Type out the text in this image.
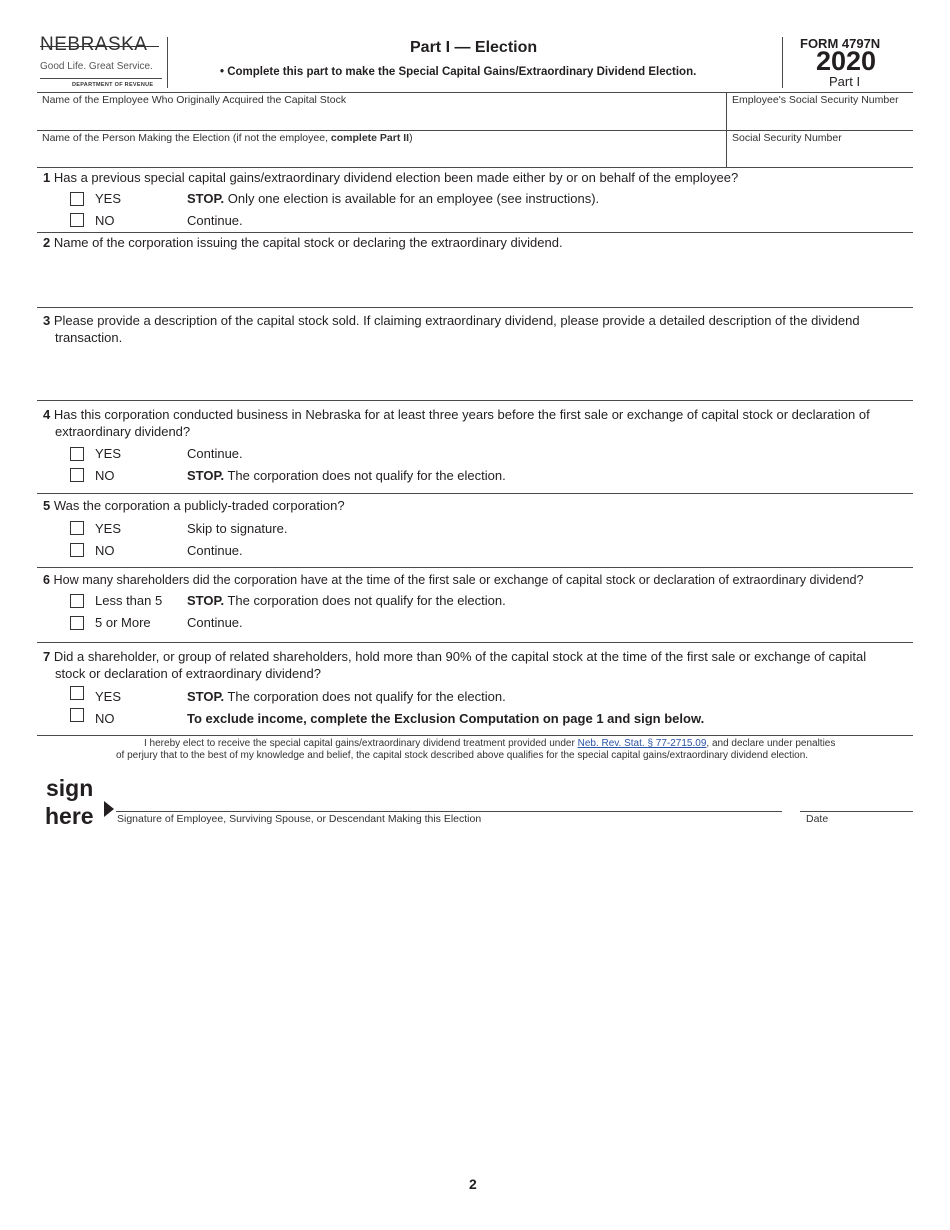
NEBRASKA
Good Life. Great Service.
DEPARTMENT OF REVENUE
Part I — Election
• Complete this part to make the Special Capital Gains/Extraordinary Dividend Election.
FORM 4797N
2020
Part I
Name of the Employee Who Originally Acquired the Capital Stock	Employee's Social Security Number
Name of the Person Making the Election (if not the employee, complete Part II)	Social Security Number
1 Has a previous special capital gains/extraordinary dividend election been made either by or on behalf of the employee?
YES	STOP. Only one election is available for an employee (see instructions).
NO	Continue.
2 Name of the corporation issuing the capital stock or declaring the extraordinary dividend.
3 Please provide a description of the capital stock sold. If claiming extraordinary dividend, please provide a detailed description of the dividend transaction.
4 Has this corporation conducted business in Nebraska for at least three years before the first sale or exchange of capital stock or declaration of extraordinary dividend?
YES	Continue.
NO	STOP. The corporation does not qualify for the election.
5 Was the corporation a publicly-traded corporation?
YES	Skip to signature.
NO	Continue.
6 How many shareholders did the corporation have at the time of the first sale or exchange of capital stock or declaration of extraordinary dividend?
Less than 5 STOP. The corporation does not qualify for the election.
5 or More	Continue.
7 Did a shareholder, or group of related shareholders, hold more than 90% of the capital stock at the time of the first sale or exchange of capital stock or declaration of extraordinary dividend?
YES	STOP. The corporation does not qualify for the election.
NO	To exclude income, complete the Exclusion Computation on page 1 and sign below.
I hereby elect to receive the special capital gains/extraordinary dividend treatment provided under Neb. Rev. Stat. § 77-2715.09, and declare under penalties of perjury that to the best of my knowledge and belief, the capital stock described above qualifies for the special capital gains/extraordinary dividend election.
sign
here Signature of Employee, Surviving Spouse, or Descendant Making this Election	Date
2
